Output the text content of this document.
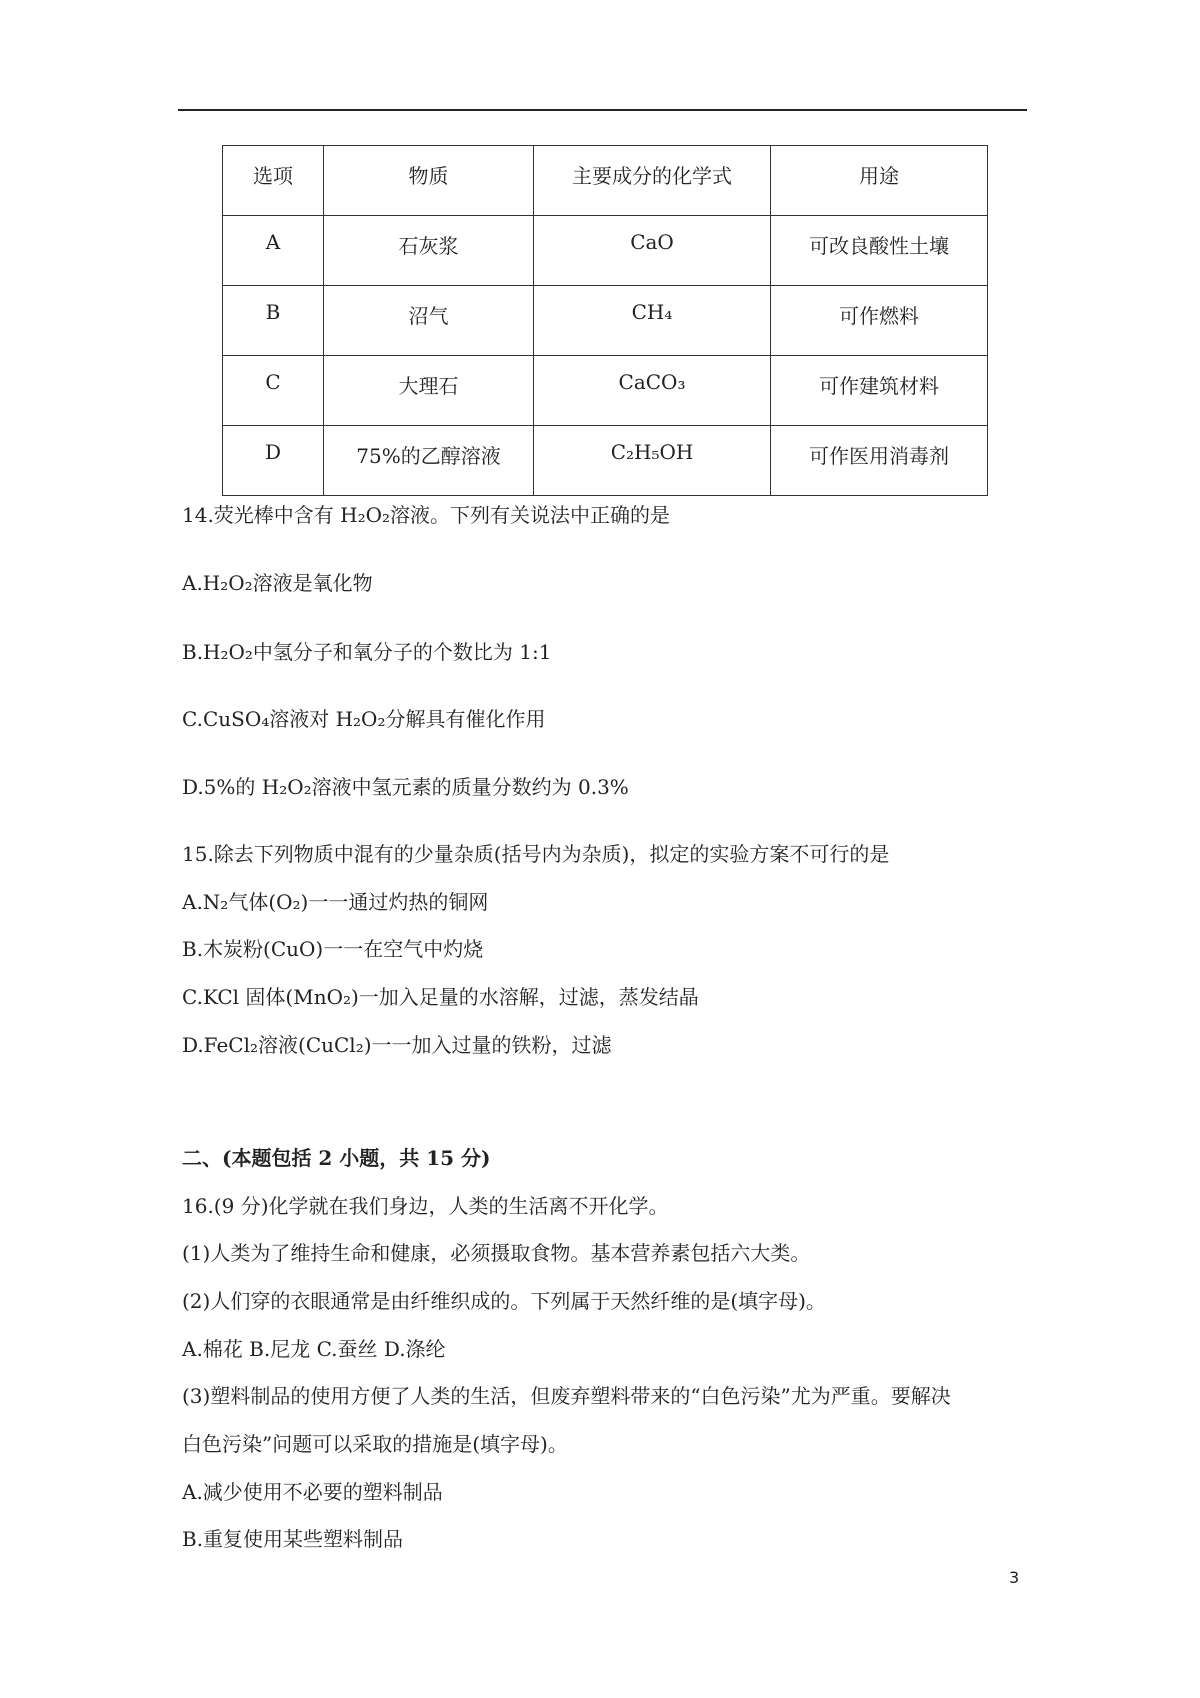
选项	物质	主要成分的化学式	用途
A	石灰浆	CaO	可改良酸性土壤
B	沼气	CH₄	可作燃料
C	大理石	CaCO₃	可作建筑材料
D	75%的乙醇溶液	C₂H₅OH	可作医用消毒剂
14.荧光棒中含有 H₂O₂溶液。下列有关说法中正确的是
A.H₂O₂溶液是氧化物
B.H₂O₂中氢分子和氧分子的个数比为 1:1
C.CuSO₄溶液对 H₂O₂分解具有催化作用
D.5%的 H₂O₂溶液中氢元素的质量分数约为 0.3%
15.除去下列物质中混有的少量杂质(括号内为杂质)，拟定的实验方案不可行的是
A.N₂气体(O₂)一一通过灼热的铜网
B.木炭粉(CuO)一一在空气中灼烧
C.KCl 固体(MnO₂)一加入足量的水溶解，过滤，蒸发结晶
D.FeCl₂溶液(CuCl₂)一一加入过量的铁粉，过滤
二、(本题包括 2 小题，共 15 分)
16.(9 分)化学就在我们身边，人类的生活离不开化学。
(1)人类为了维持生命和健康，必须摄取食物。基本营养素包括六大类。
(2)人们穿的衣眼通常是由纤维织成的。下列属于天然纤维的是(填字母)。
A.棉花 B.尼龙 C.蚕丝 D.涤纶
(3)塑料制品的使用方便了人类的生活，但废弃塑料带来的“白色污染”尤为严重。要解决
白色污染”问题可以采取的措施是(填字母)。
A.减少使用不必要的塑料制品
B.重复使用某些塑料制品
3
